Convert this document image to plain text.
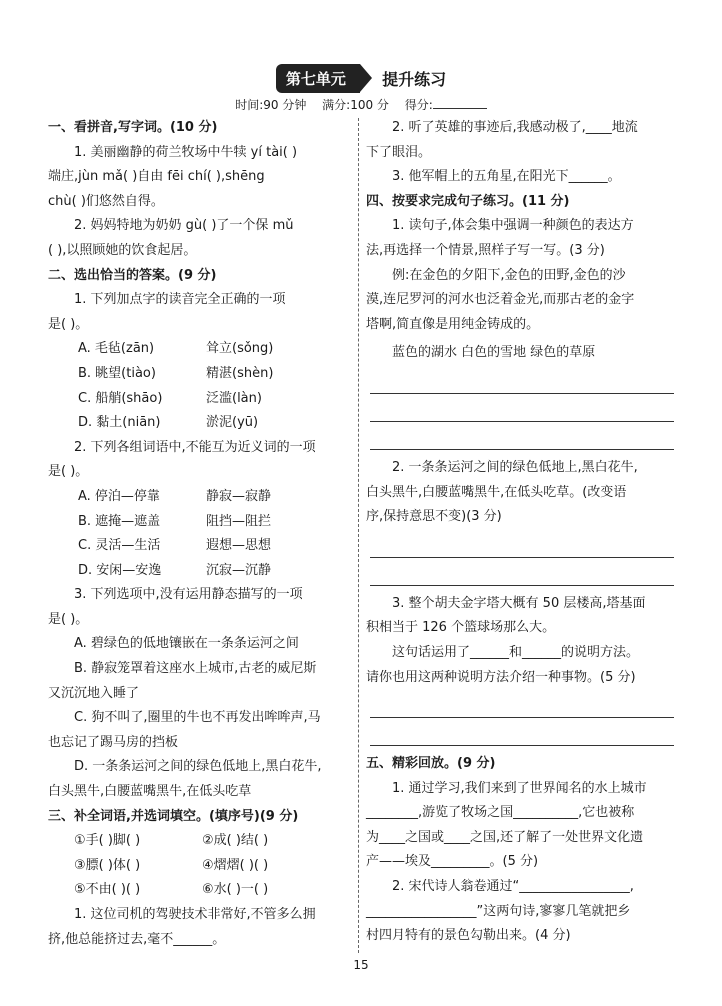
第七单元 提升练习
时间:90 分钟 满分:100 分 得分:

一、看拼音,写字词。(10 分)

1. 美丽幽静的荷兰牧场中牛犊 yí tài( )

端庄,jùn mǎ( )自由 fēi chí( ),shēng

chù( )们悠然自得。

2. 妈妈特地为奶奶 gù( )了一个保 mǔ

( ),以照顾她的饮食起居。

二、选出恰当的答案。(9 分)

1. 下列加点字的读音完全正确的一项

是( )。

A. 毛毡(zān)	耸立(sǒng)
B. 眺望(tiào)	精湛(shèn)
C. 船艄(shāo)	泛滥(làn)
D. 黏土(niān)	淤泥(yū)

2. 下列各组词语中,不能互为近义词的一项

是( )。

A. 停泊—停靠	静寂—寂静
B. 遮掩—遮盖	阻挡—阻拦
C. 灵活—生活	遐想—思想
D. 安闲—安逸	沉寂—沉静

3. 下列选项中,没有运用静态描写的一项

是( )。

A. 碧绿色的低地镶嵌在一条条运河之间

B. 静寂笼罩着这座水上城市,古老的威尼斯

又沉沉地入睡了

C. 狗不叫了,圈里的牛也不再发出哞哞声,马

也忘记了踢马房的挡板

D. 一条条运河之间的绿色低地上,黑白花牛,

白头黑牛,白腰蓝嘴黑牛,在低头吃草

三、补全词语,并选词填空。(填序号)(9 分)

①手( )脚( )	②成( )结( )
③膘( )体( )	④熠熠( )( )
⑤不由( )( )	⑥水( )一( )

1. 这位司机的驾驶技术非常好,不管多么拥

挤,他总能挤过去,毫不______。

2. 听了英雄的事迹后,我感动极了,____地流

下了眼泪。

3. 他军帽上的五角星,在阳光下______。

四、按要求完成句子练习。(11 分)

1. 读句子,体会集中强调一种颜色的表达方

法,再选择一个情景,照样子写一写。(3 分)

例:在金色的夕阳下,金色的田野,金色的沙

漠,连尼罗河的河水也泛着金光,而那古老的金字

塔啊,简直像是用纯金铸成的。

蓝色的湖水 白色的雪地 绿色的草原

2. 一条条运河之间的绿色低地上,黑白花牛,

白头黑牛,白腰蓝嘴黑牛,在低头吃草。(改变语

序,保持意思不变)(3 分)

3. 整个胡夫金字塔大概有 50 层楼高,塔基面

积相当于 126 个篮球场那么大。

这句话运用了______和______的说明方法。

请你也用这两种说明方法介绍一种事物。(5 分)

五、精彩回放。(9 分)

1. 通过学习,我们来到了世界闻名的水上城市

________,游览了牧场之国__________,它也被称

为____之国或____之国,还了解了一处世界文化遗

产——埃及_________。(5 分)

2. 宋代诗人翁卷通过“_________________,

_________________”这两句诗,寥寥几笔就把乡

村四月特有的景色勾勒出来。(4 分)

15
